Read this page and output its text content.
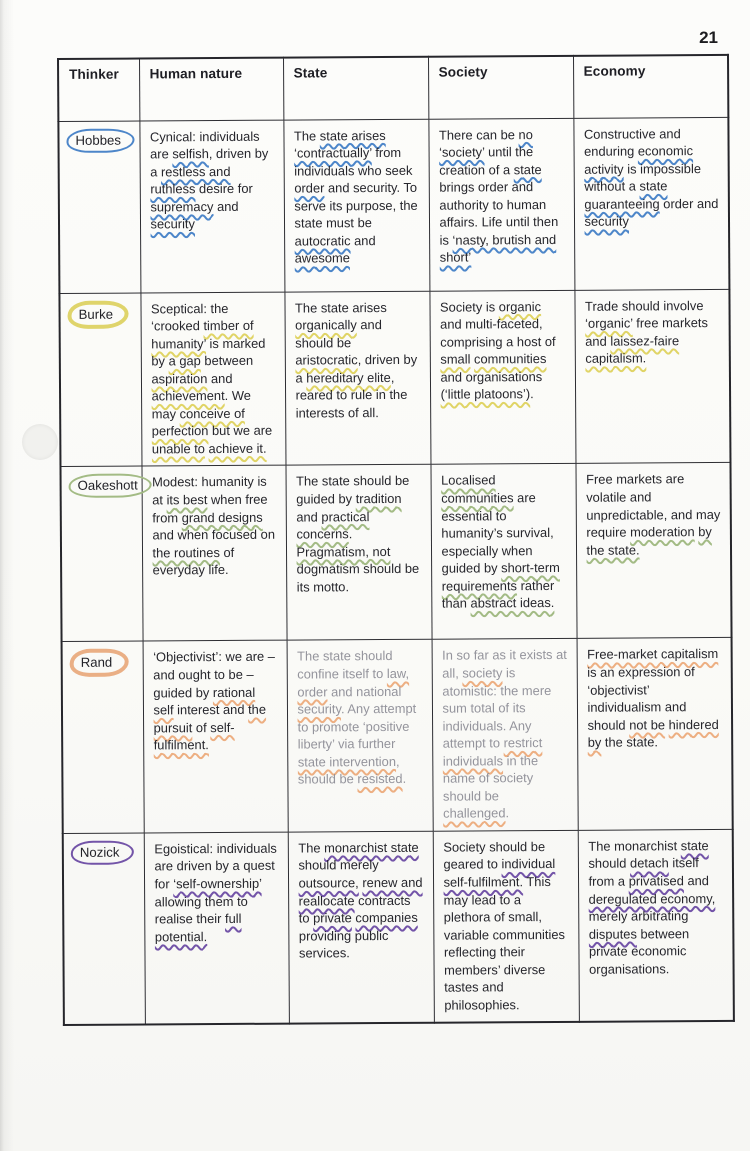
21
Thinker	Human nature	State	Society	Economy
Hobbes	Cynical: individuals are selfish, driven by a restless and ruthless desire for supremacy and security	The state arises ‘contractually’ from individuals who seek order and security. To serve its purpose, the state must be autocratic and awesome	There can be no ‘society’ until the creation of a state brings order and authority to human affairs. Life until then is ‘nasty, brutish and short’	Constructive and enduring economic activity is impossible without a state guaranteeing order and security

Burke	Sceptical: the ‘crooked timber of humanity’ is marked by a gap between aspiration and achievement. We may conceive of perfection but we are unable to achieve it.	The state arises organically and should be aristocratic, driven by a hereditary elite, reared to rule in the interests of all.	Society is organic and multi-faceted, comprising a host of small communities and organisations (‘little platoons’).	Trade should involve ‘organic’ free markets and laissez-faire capitalism.

Oakeshott	Modest: humanity is at its best when free from grand designs and when focused on the routines of everyday life.	The state should be guided by tradition and practical concerns. Pragmatism, not dogmatism should be its motto.	Localised communities are essential to humanity’s survival, especially when guided by short-term requirements rather than abstract ideas.	Free markets are volatile and unpredictable, and may require moderation by the state.

Rand	‘Objectivist’: we are – and ought to be – guided by rational self interest and the pursuit of self-fulfilment.	The state should confine itself to law, order and national security. Any attempt to promote ‘positive liberty’ via further state intervention, should be resisted.	In so far as it exists at all, society is atomistic: the mere sum total of its individuals. Any attempt to restrict individuals in the name of society should be challenged.	Free-market capitalism is an expression of ‘objectivist’ individualism and should not be hindered by the state.

Nozick	Egoistical: individuals are driven by a quest for ‘self-ownership’ allowing them to realise their full potential.	The monarchist state should merely outsource, renew and reallocate contracts to private companies providing public services.	Society should be geared to individual self-fulfilment. This may lead to a plethora of small, variable communities reflecting their members’ diverse tastes and philosophies.	The monarchist state should detach itself from a privatised and deregulated economy, merely arbitrating disputes between private economic organisations.
